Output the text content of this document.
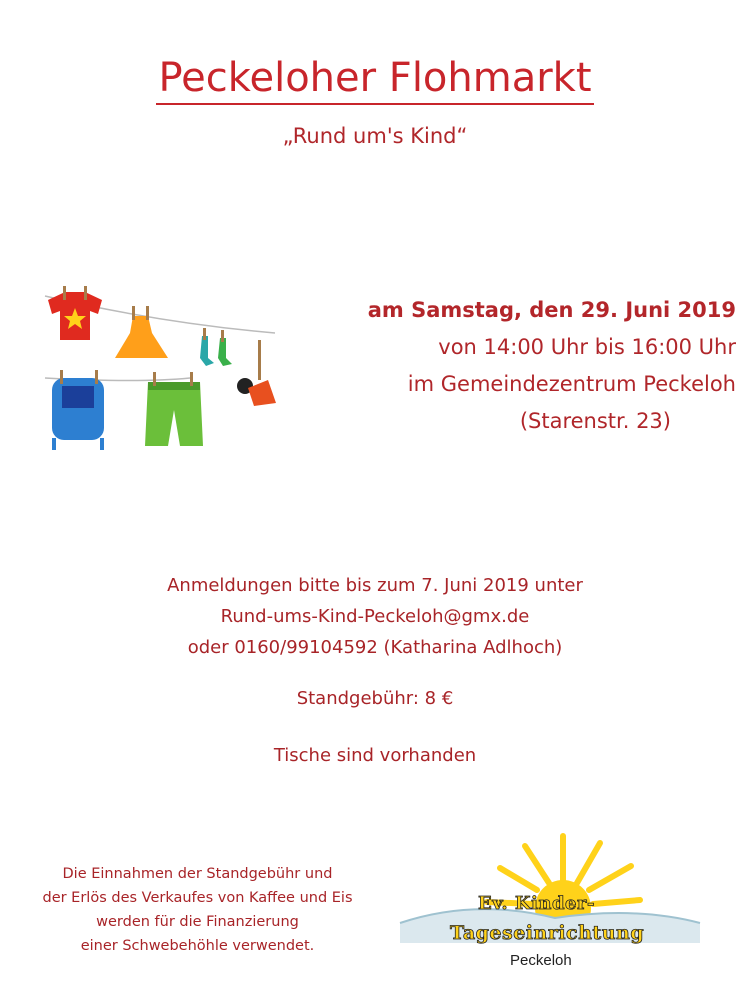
Peckeloher Flohmarkt
„Rund um's Kind“
am Samstag, den 29. Juni 2019
von 14:00 Uhr bis 16:00 Uhr
im Gemeindezentrum Peckeloh
(Starenstr. 23)
Anmeldungen bitte bis zum 7. Juni 2019 unter
Rund-ums-Kind-Peckeloh@gmx.de
oder 0160/99104592 (Katharina Adlhoch)
Standgebühr: 8 €
Tische sind vorhanden
Die Einnahmen der Standgebühr und
der Erlös des Verkaufes von Kaffee und Eis
werden für die Finanzierung
einer Schwebehöhle verwendet.
Ev. Kinder-
Tageseinrichtung
Peckeloh
